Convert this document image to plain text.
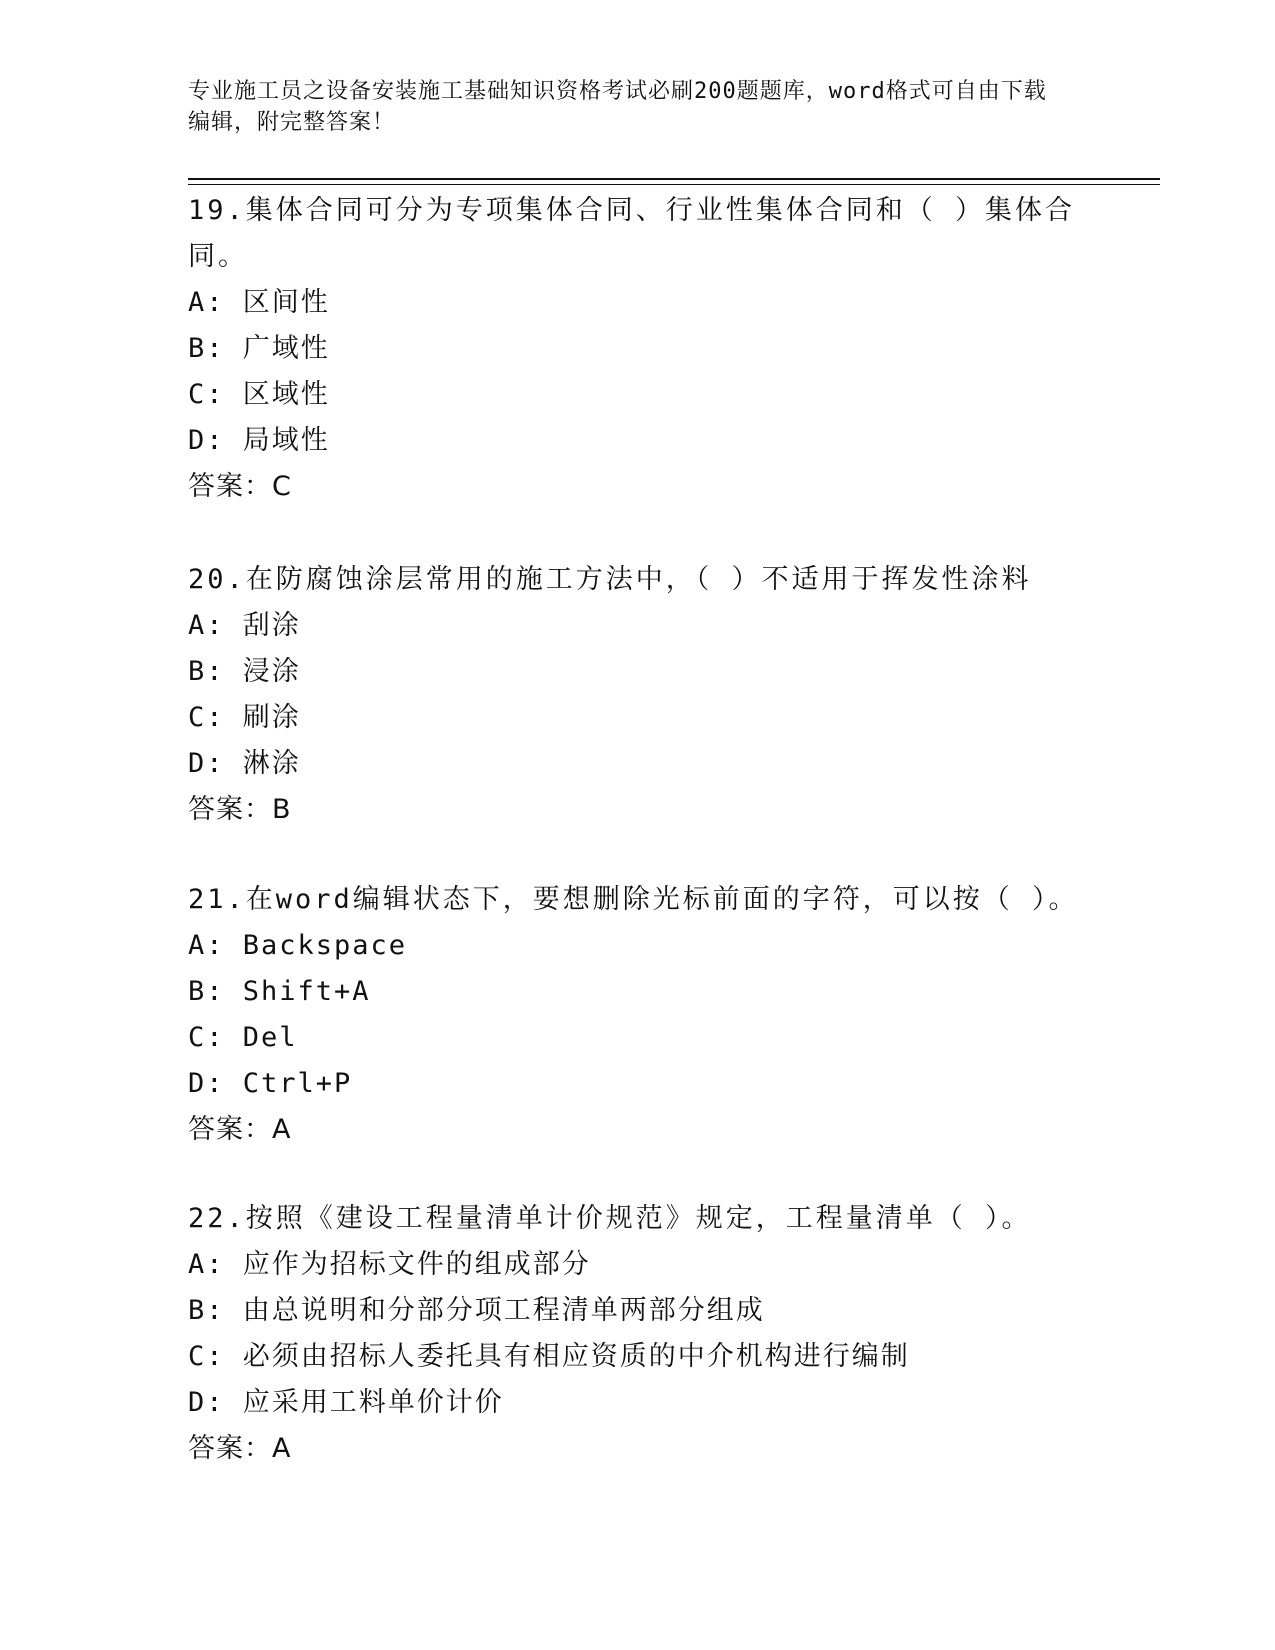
专业施工员之设备安装施工基础知识资格考试必刷200题题库，word格式可自由下载编辑，附完整答案！
19.集体合同可分为专项集体合同、行业性集体合同和（ ）集体合同。
A: 区间性
B: 广域性
C: 区域性
D: 局域性
答案：C
20.在防腐蚀涂层常用的施工方法中，（ ）不适用于挥发性涂料
A: 刮涂
B: 浸涂
C: 刷涂
D: 淋涂
答案：B
21.在word编辑状态下，要想删除光标前面的字符，可以按（ ）。
A: Backspace
B: Shift+A
C: Del
D: Ctrl+P
答案：A
22.按照《建设工程量清单计价规范》规定，工程量清单（ ）。
A: 应作为招标文件的组成部分
B: 由总说明和分部分项工程清单两部分组成
C: 必须由招标人委托具有相应资质的中介机构进行编制
D: 应采用工料单价计价
答案：A
